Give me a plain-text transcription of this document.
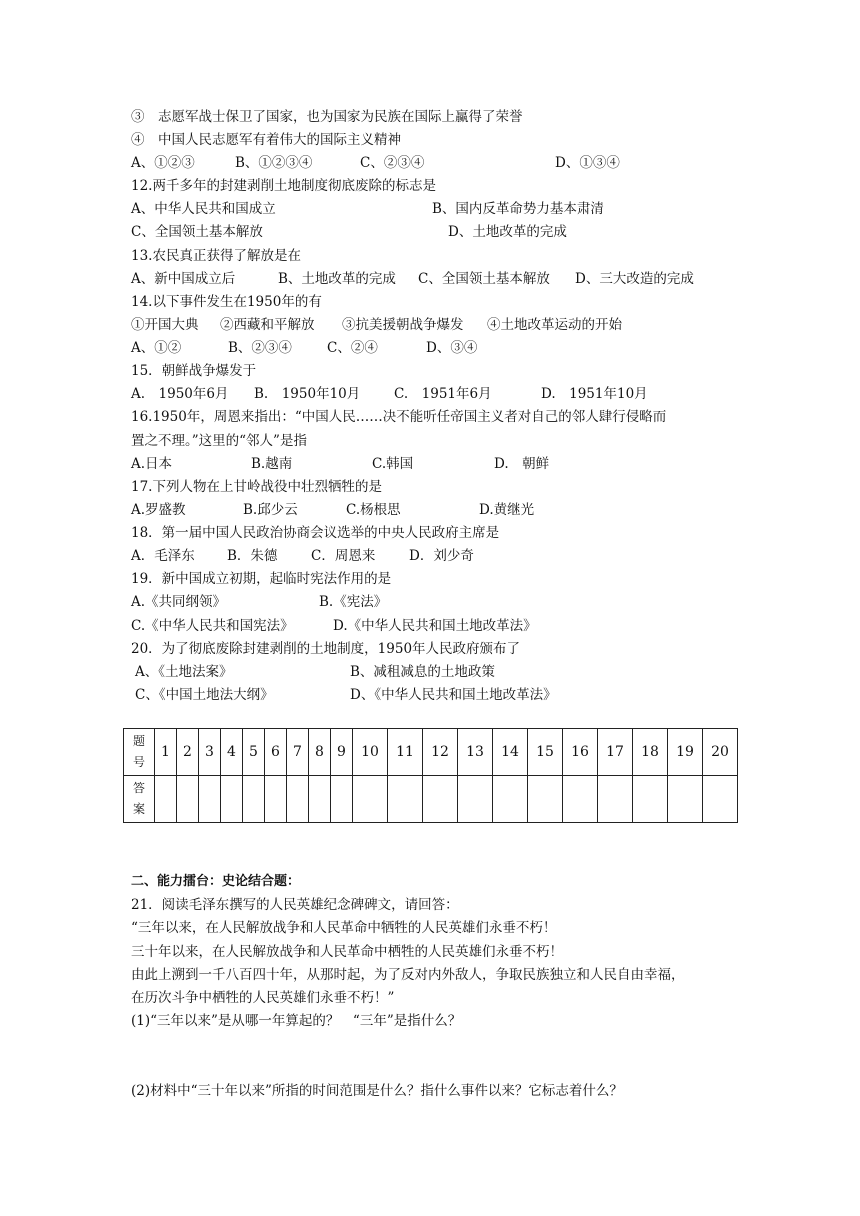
③　志愿军战士保卫了国家，也为国家为民族在国际上赢得了荣誉
④　中国人民志愿军有着伟大的国际主义精神
A、①②③	B、①②③④	C、②③④	D、①③④
12.两千多年的封建剥削土地制度彻底废除的标志是
A、中华人民共和国成立	B、国内反革命势力基本肃清
C、全国领土基本解放	D、土地改革的完成
13.农民真正获得了解放是在
A、新中国成立后	B、土地改革的完成 C、全国领土基本解放 D、三大改造的完成
14.以下事件发生在1950年的有
①开国大典 ②西藏和平解放 ③抗美援朝战争爆发 ④土地改革运动的开始
A、①②	B、②③④	C、②④	D、③④
15．朝鲜战争爆发于
A.　1950年6月 B.　1950年10月	C.　1951年6月	D.　1951年10月
16.1950年，周恩来指出：“中国人民……决不能听任帝国主义者对自己的邻人肆行侵略而
置之不理。”这里的“邻人”是指
A.日本	B.越南	C.韩国	D.　朝鲜
17.下列人物在上甘岭战役中壮烈牺牲的是
A.罗盛教	B.邱少云	C.杨根思	D.黄继光
18．第一届中国人民政治协商会议选举的中央人民政府主席是
A．毛泽东 B．朱德 C．周恩来 D．刘少奇
19．新中国成立初期，起临时宪法作用的是
A.《共同纲领》	B.《宪法》
C.《中华人民共和国宪法》	D.《中华人民共和国土地改革法》
20．为了彻底废除封建剥削的土地制度，1950年人民政府颁布了
A、《土地法案》	B、减租减息的土地政策
C、《中国土地法大纲》	D、《中华人民共和国土地改革法》
题
号	1	2	3	4	5	6	7	8	9	10	11	12	13	14	15	16	17	18	19	20
答
案																				
二、能力擂台：史论结合题：
21．阅读毛泽东撰写的人民英雄纪念碑碑文，请回答：
“三年以来，在人民解放战争和人民革命中牺牲的人民英雄们永垂不朽！
三十年以来，在人民解放战争和人民革命中栖牲的人民英雄们永垂不朽！
由此上溯到一千八百四十年，从那时起，为了反对内外敌人，争取民族独立和人民自由幸福，
在历次斗争中栖牲的人民英雄们永垂不朽！”
(1)“三年以来”是从哪一年算起的？　“三年”是指什么？
(2)材料中“三十年以来”所指的时间范围是什么？指什么事件以来？它标志着什么？
